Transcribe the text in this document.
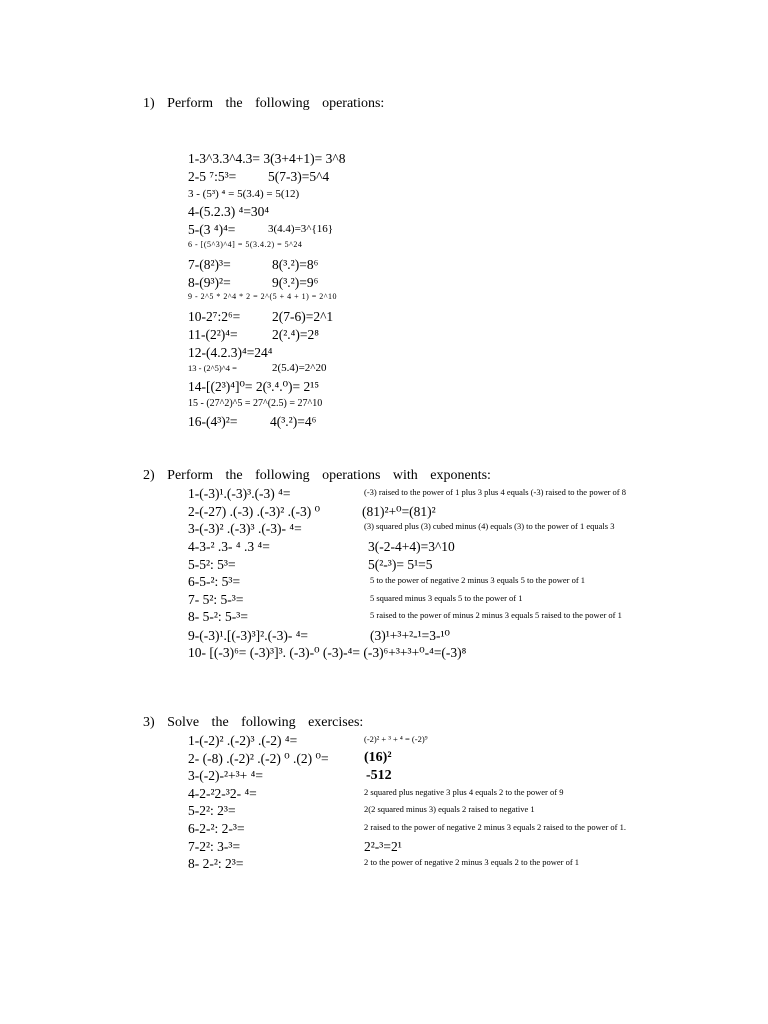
1) Perform the following operations:
1-3^3.3^4.3= 3(3+4+1)= 3^8
2-5 ⁷:5³= 5(7-3)=5^4
3 - (5³) ⁴ = 5(3.4) = 5(12)
4-(5.2.3) ⁴=30⁴
5-(3 ⁴)⁴=	3(4.4)=3^{16}
6 - [(5^3)^4] = 5(3.4.2) = 5^24
7-(8²)³=	8(³.²)=8⁶
8-(9³)²=	9(³.²)=9⁶
9 - 2^5 * 2^4 * 2 = 2^(5 + 4 + 1) = 2^10
10-2⁷:2⁶= 2(7-6)=2^1
11-(2²)⁴=	2(².⁴)=2⁸
12-(4.2.3)⁴=24⁴
13 - (2^5)^4 =	2(5.4)=2^20
14-[(2³)⁴]⁰= 2(³.⁴.⁰)= 2¹⁵
15 - (27^2)^5 = 27^(2.5) = 27^10
16-(4³)²= 4(³.²)=4⁶
2) Perform the following operations with exponents:
1-(-3)¹.(-3)³.(-3) ⁴=	(-3) raised to the power of 1 plus 3 plus 4 equals (-3) raised to the power of 8
2-(-27) .(-3) .(-3)² .(-3) ⁰	(81)²+⁰=(81)²
3-(-3)² .(-3)³ .(-3)- ⁴=	(3) squared plus (3) cubed minus (4) equals (3) to the power of 1 equals 3
4-3-² .3- ⁴ .3 ⁴=	3(-2-4+4)=3^10
5-5²: 5³=	5(²-³)= 5¹=5
6-5-²: 5³=	5 to the power of negative 2 minus 3 equals 5 to the power of 1
7- 5²: 5-³=	5 squared minus 3 equals 5 to the power of 1
8- 5-²: 5-³=	5 raised to the power of minus 2 minus 3 equals 5 raised to the power of 1
9-(-3)¹.[(-3)³]².(-3)- ⁴=	(3)¹+³+²-¹=3-¹⁰
10- [(-3)⁶= (-3)³]³. (-3)-⁰ (-3)-⁴= (-3)⁶+³+³+⁰-⁴=(-3)⁸
3) Solve the following exercises:
1-(-2)² .(-2)³ .(-2) ⁴=	(-2)² + ³ + ⁴ = (-2)⁹
2- (-8) .(-2)² .(-2) ⁰ .(2) ⁰=	(16)²
3-(-2)-²+³+ ⁴=	-512
4-2-²2-³2- ⁴=	2 squared plus negative 3 plus 4 equals 2 to the power of 9
5-2²: 2³=	2(2 squared minus 3) equals 2 raised to negative 1
6-2-²: 2-³=	2 raised to the power of negative 2 minus 3 equals 2 raised to the power of 1.
7-2²: 3-³=	2²-³=2¹
8- 2-²: 2³=	2 to the power of negative 2 minus 3 equals 2 to the power of 1
